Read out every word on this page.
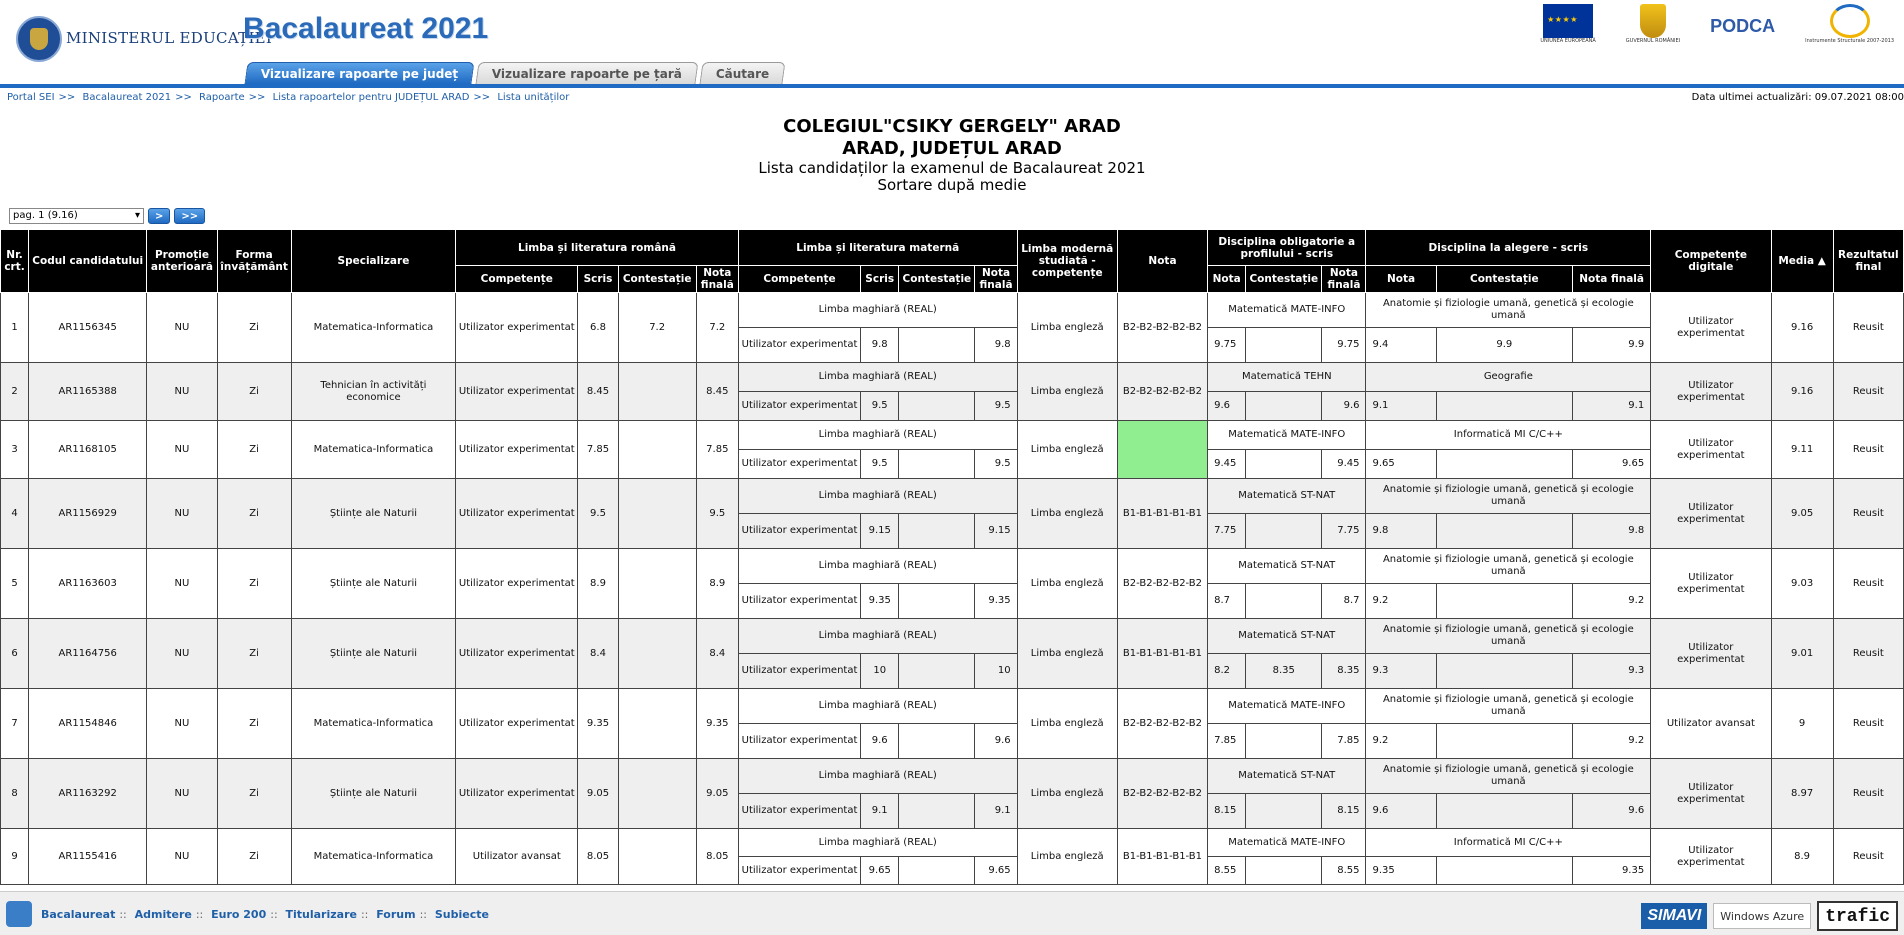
MINISTERUL EDUCAȚIEI
Bacalaureat 2021
Vizualizare rapoarte pe județ	Vizualizare rapoarte pe țară	Căutare
★ ★ ★ ★
UNIUNEA EUROPEANĂ	GUVERNUL ROMÂNIEI
PODCA
Instrumente Structurale 2007-2013
Portal SEI >> Bacalaureat 2021 >> Rapoarte >> Lista rapoartelor pentru JUDEȚUL ARAD >> Lista unităților	Data ultimei actualizări: 09.07.2021 08:00
COLEGIUL"CSIKY GERGELY" ARAD
ARAD, JUDEȚUL ARAD
Lista candidaților la examenul de Bacalaureat 2021
Sortare după medie
pag. 1 (9.16) ▾	>	>>
Nr. crt.	Codul candidatului	Promoție anterioară	Forma învățământ	Specializare	Limba și literatura română				Limba și literatura maternă				Limba modernă studiată - competențe	Nota	Disciplina obligatorie a profilului - scris			Disciplina la alegere - scris			Competențe digitale	Media ▲	Rezultatul final
					Competențe	Scris	Contestație	Nota finală	Competențe	Scris	Contestație	Nota finală			Nota	Contestație	Nota finală	Nota	Contestație	Nota finală			
1	AR1156345	NU	Zi	Matematica-Informatica	Utilizator experimentat	6.8	7.2	7.2	Limba maghiară (REAL)				Limba engleză	B2-B2-B2-B2-B2	Matematică MATE-INFO			Anatomie și fiziologie umană, genetică și ecologie umană			Utilizator experimentat	9.16	Reusit
									Utilizator experimentat	9.8		9.8			9.75		9.75	9.4	9.9	9.9			
2	AR1165388	NU	Zi	Tehnician în activități economice	Utilizator experimentat	8.45		8.45	Limba maghiară (REAL)				Limba engleză	B2-B2-B2-B2-B2	Matematică TEHN			Geografie			Utilizator experimentat	9.16	Reusit
									Utilizator experimentat	9.5		9.5			9.6		9.6	9.1		9.1			
3	AR1168105	NU	Zi	Matematica-Informatica	Utilizator experimentat	7.85		7.85	Limba maghiară (REAL)				Limba engleză		Matematică MATE-INFO			Informatică MI C/C++			Utilizator experimentat	9.11	Reusit
									Utilizator experimentat	9.5		9.5			9.45		9.45	9.65		9.65			
4	AR1156929	NU	Zi	Științe ale Naturii	Utilizator experimentat	9.5		9.5	Limba maghiară (REAL)				Limba engleză	B1-B1-B1-B1-B1	Matematică ST-NAT			Anatomie și fiziologie umană, genetică și ecologie umană			Utilizator experimentat	9.05	Reusit
									Utilizator experimentat	9.15		9.15			7.75		7.75	9.8		9.8			
5	AR1163603	NU	Zi	Științe ale Naturii	Utilizator experimentat	8.9		8.9	Limba maghiară (REAL)				Limba engleză	B2-B2-B2-B2-B2	Matematică ST-NAT			Anatomie și fiziologie umană, genetică și ecologie umană			Utilizator experimentat	9.03	Reusit
									Utilizator experimentat	9.35		9.35			8.7		8.7	9.2		9.2			
6	AR1164756	NU	Zi	Științe ale Naturii	Utilizator experimentat	8.4		8.4	Limba maghiară (REAL)				Limba engleză	B1-B1-B1-B1-B1	Matematică ST-NAT			Anatomie și fiziologie umană, genetică și ecologie umană			Utilizator experimentat	9.01	Reusit
									Utilizator experimentat	10		10			8.2	8.35	8.35	9.3		9.3			
7	AR1154846	NU	Zi	Matematica-Informatica	Utilizator experimentat	9.35		9.35	Limba maghiară (REAL)				Limba engleză	B2-B2-B2-B2-B2	Matematică MATE-INFO			Anatomie și fiziologie umană, genetică și ecologie umană			Utilizator avansat	9	Reusit
									Utilizator experimentat	9.6		9.6			7.85		7.85	9.2		9.2			
8	AR1163292	NU	Zi	Științe ale Naturii	Utilizator experimentat	9.05		9.05	Limba maghiară (REAL)				Limba engleză	B2-B2-B2-B2-B2	Matematică ST-NAT			Anatomie și fiziologie umană, genetică și ecologie umană			Utilizator experimentat	8.97	Reusit
									Utilizator experimentat	9.1		9.1			8.15		8.15	9.6		9.6			
9	AR1155416	NU	Zi	Matematica-Informatica	Utilizator avansat	8.05		8.05	Limba maghiară (REAL)				Limba engleză	B1-B1-B1-B1-B1	Matematică MATE-INFO			Informatică MI C/C++			Utilizator experimentat	8.9	Reusit
									Utilizator experimentat	9.65		9.65			8.55		8.55	9.35		9.35			
Bacalaureat :: Admitere :: Euro 200 :: Titularizare :: Forum :: Subiecte	SIMAVI	Windows Azure	trafic
